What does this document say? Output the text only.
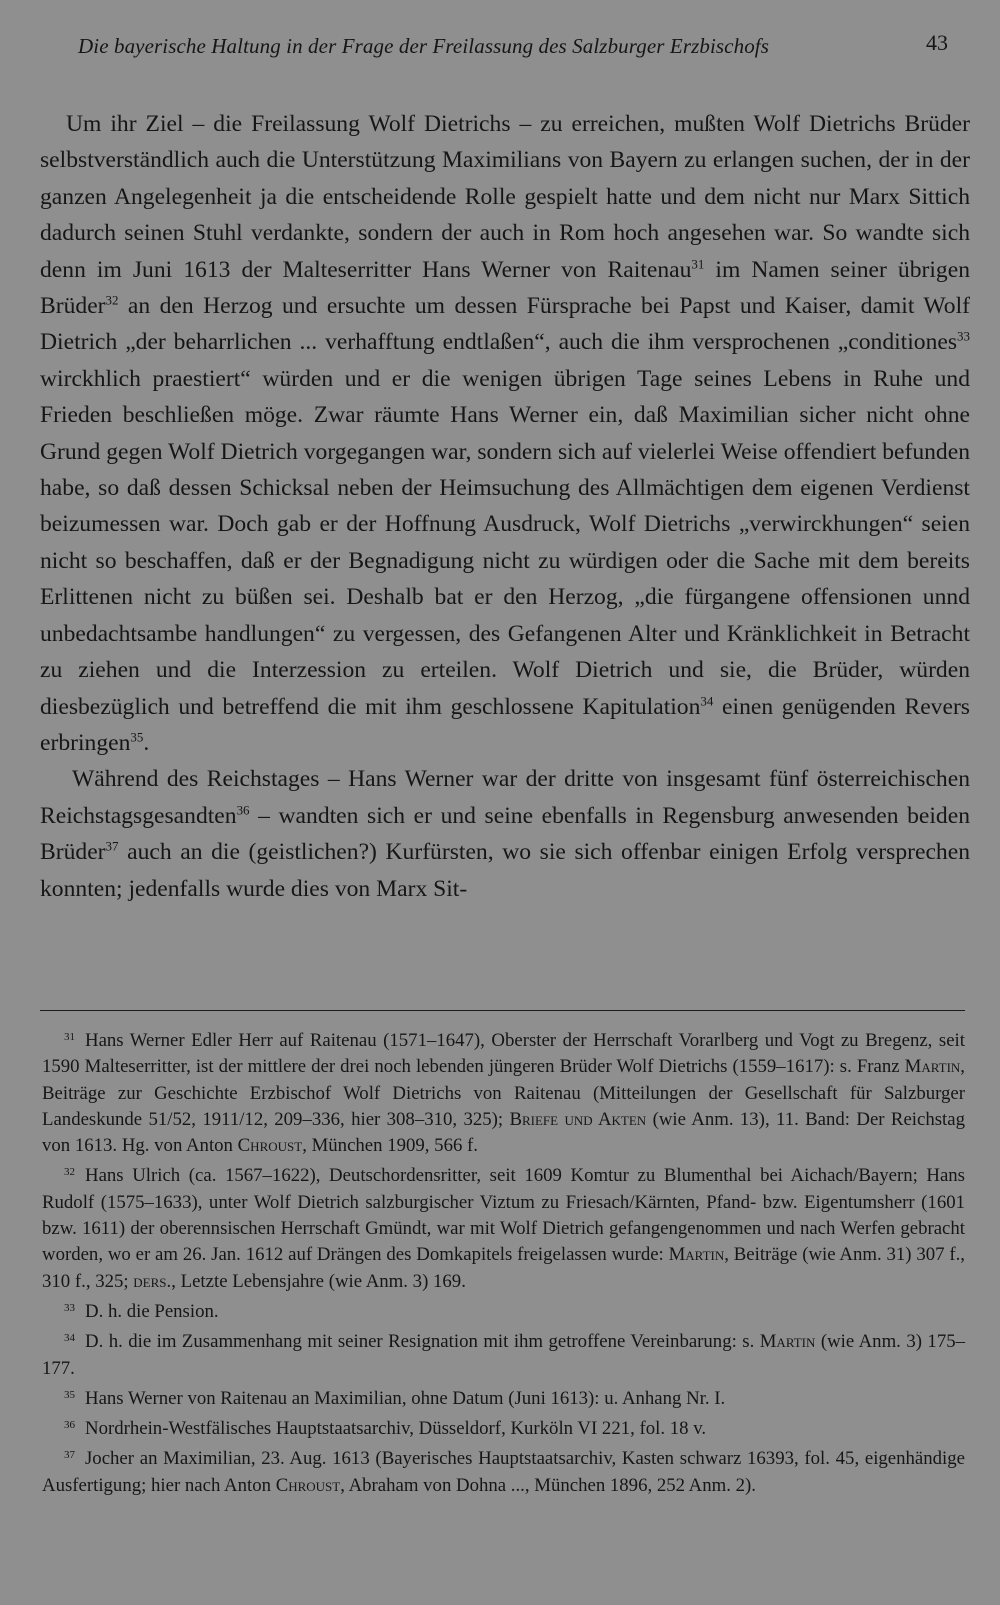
Die bayerische Haltung in der Frage der Freilassung des Salzburger Erzbischofs	43

Um ihr Ziel – die Freilassung Wolf Dietrichs – zu erreichen, mußten Wolf Dietrichs Brüder selbstverständlich auch die Unterstützung Maximilians von Bayern zu erlangen suchen, der in der ganzen Angelegenheit ja die entscheidende Rolle gespielt hatte und dem nicht nur Marx Sittich dadurch seinen Stuhl verdankte, sondern der auch in Rom hoch angesehen war. So wandte sich denn im Juni 1613 der Malteserritter Hans Werner von Raitenau$^{31}$ im Namen seiner übrigen Brüder$^{32}$ an den Herzog und ersuchte um dessen Fürsprache bei Papst und Kaiser, damit Wolf Dietrich „der beharrlichen ... verhafftung endtlaßen“, auch die ihm versprochenen „conditiones$^{33}$ wirckhlich praestiert“ würden und er die wenigen übrigen Tage seines Lebens in Ruhe und Frieden beschließen möge. Zwar räumte Hans Werner ein, daß Maximilian sicher nicht ohne Grund gegen Wolf Dietrich vorgegangen war, sondern sich auf vielerlei Weise offendiert befunden habe, so daß dessen Schicksal neben der Heimsuchung des Allmächtigen dem eigenen Verdienst beizumessen war. Doch gab er der Hoffnung Ausdruck, Wolf Dietrichs „verwirckhungen“ seien nicht so beschaffen, daß er der Begnadigung nicht zu würdigen oder die Sache mit dem bereits Erlittenen nicht zu büßen sei. Deshalb bat er den Herzog, „die fürgangene offensionen unnd unbedachtsambe handlungen“ zu vergessen, des Gefangenen Alter und Kränklichkeit in Betracht zu ziehen und die Interzession zu erteilen. Wolf Dietrich und sie, die Brüder, würden diesbezüglich und betreffend die mit ihm geschlossene Kapitulation$^{34}$ einen genügenden Revers erbringen$^{35}$.

Während des Reichstages – Hans Werner war der dritte von insgesamt fünf österreichischen Reichstagsgesandten$^{36}$ – wandten sich er und seine ebenfalls in Regensburg anwesenden beiden Brüder$^{37}$ auch an die (geistlichen?) Kurfürsten, wo sie sich offenbar einigen Erfolg versprechen konnten; jedenfalls wurde dies von Marx Sit-

$^{31}$ Hans Werner Edler Herr auf Raitenau (1571–1647), Oberster der Herrschaft Vorarlberg und Vogt zu Bregenz, seit 1590 Malteserritter, ist der mittlere der drei noch lebenden jüngeren Brüder Wolf Dietrichs (1559–1617): s. Franz Martin, Beiträge zur Geschichte Erzbischof Wolf Dietrichs von Raitenau (Mitteilungen der Gesellschaft für Salzburger Landeskunde 51/52, 1911/12, 209–336, hier 308–310, 325); Briefe und Akten (wie Anm. 13), 11. Band: Der Reichstag von 1613. Hg. von Anton Chroust, München 1909, 566 f.

$^{32}$ Hans Ulrich (ca. 1567–1622), Deutschordensritter, seit 1609 Komtur zu Blumenthal bei Aichach/Bayern; Hans Rudolf (1575–1633), unter Wolf Dietrich salzburgischer Viztum zu Friesach/Kärnten, Pfand- bzw. Eigentumsherr (1601 bzw. 1611) der oberennsischen Herrschaft Gmündt, war mit Wolf Dietrich gefangengenommen und nach Werfen gebracht worden, wo er am 26. Jan. 1612 auf Drängen des Domkapitels freigelassen wurde: Martin, Beiträge (wie Anm. 31) 307 f., 310 f., 325; ders., Letzte Lebensjahre (wie Anm. 3) 169.

$^{33}$ D. h. die Pension.

$^{34}$ D. h. die im Zusammenhang mit seiner Resignation mit ihm getroffene Vereinbarung: s. Martin (wie Anm. 3) 175–177.

$^{35}$ Hans Werner von Raitenau an Maximilian, ohne Datum (Juni 1613): u. Anhang Nr. I.

$^{36}$ Nordrhein-Westfälisches Hauptstaatsarchiv, Düsseldorf, Kurköln VI 221, fol. 18 v.

$^{37}$ Jocher an Maximilian, 23. Aug. 1613 (Bayerisches Hauptstaatsarchiv, Kasten schwarz 16393, fol. 45, eigenhändige Ausfertigung; hier nach Anton Chroust, Abraham von Dohna ..., München 1896, 252 Anm. 2).
